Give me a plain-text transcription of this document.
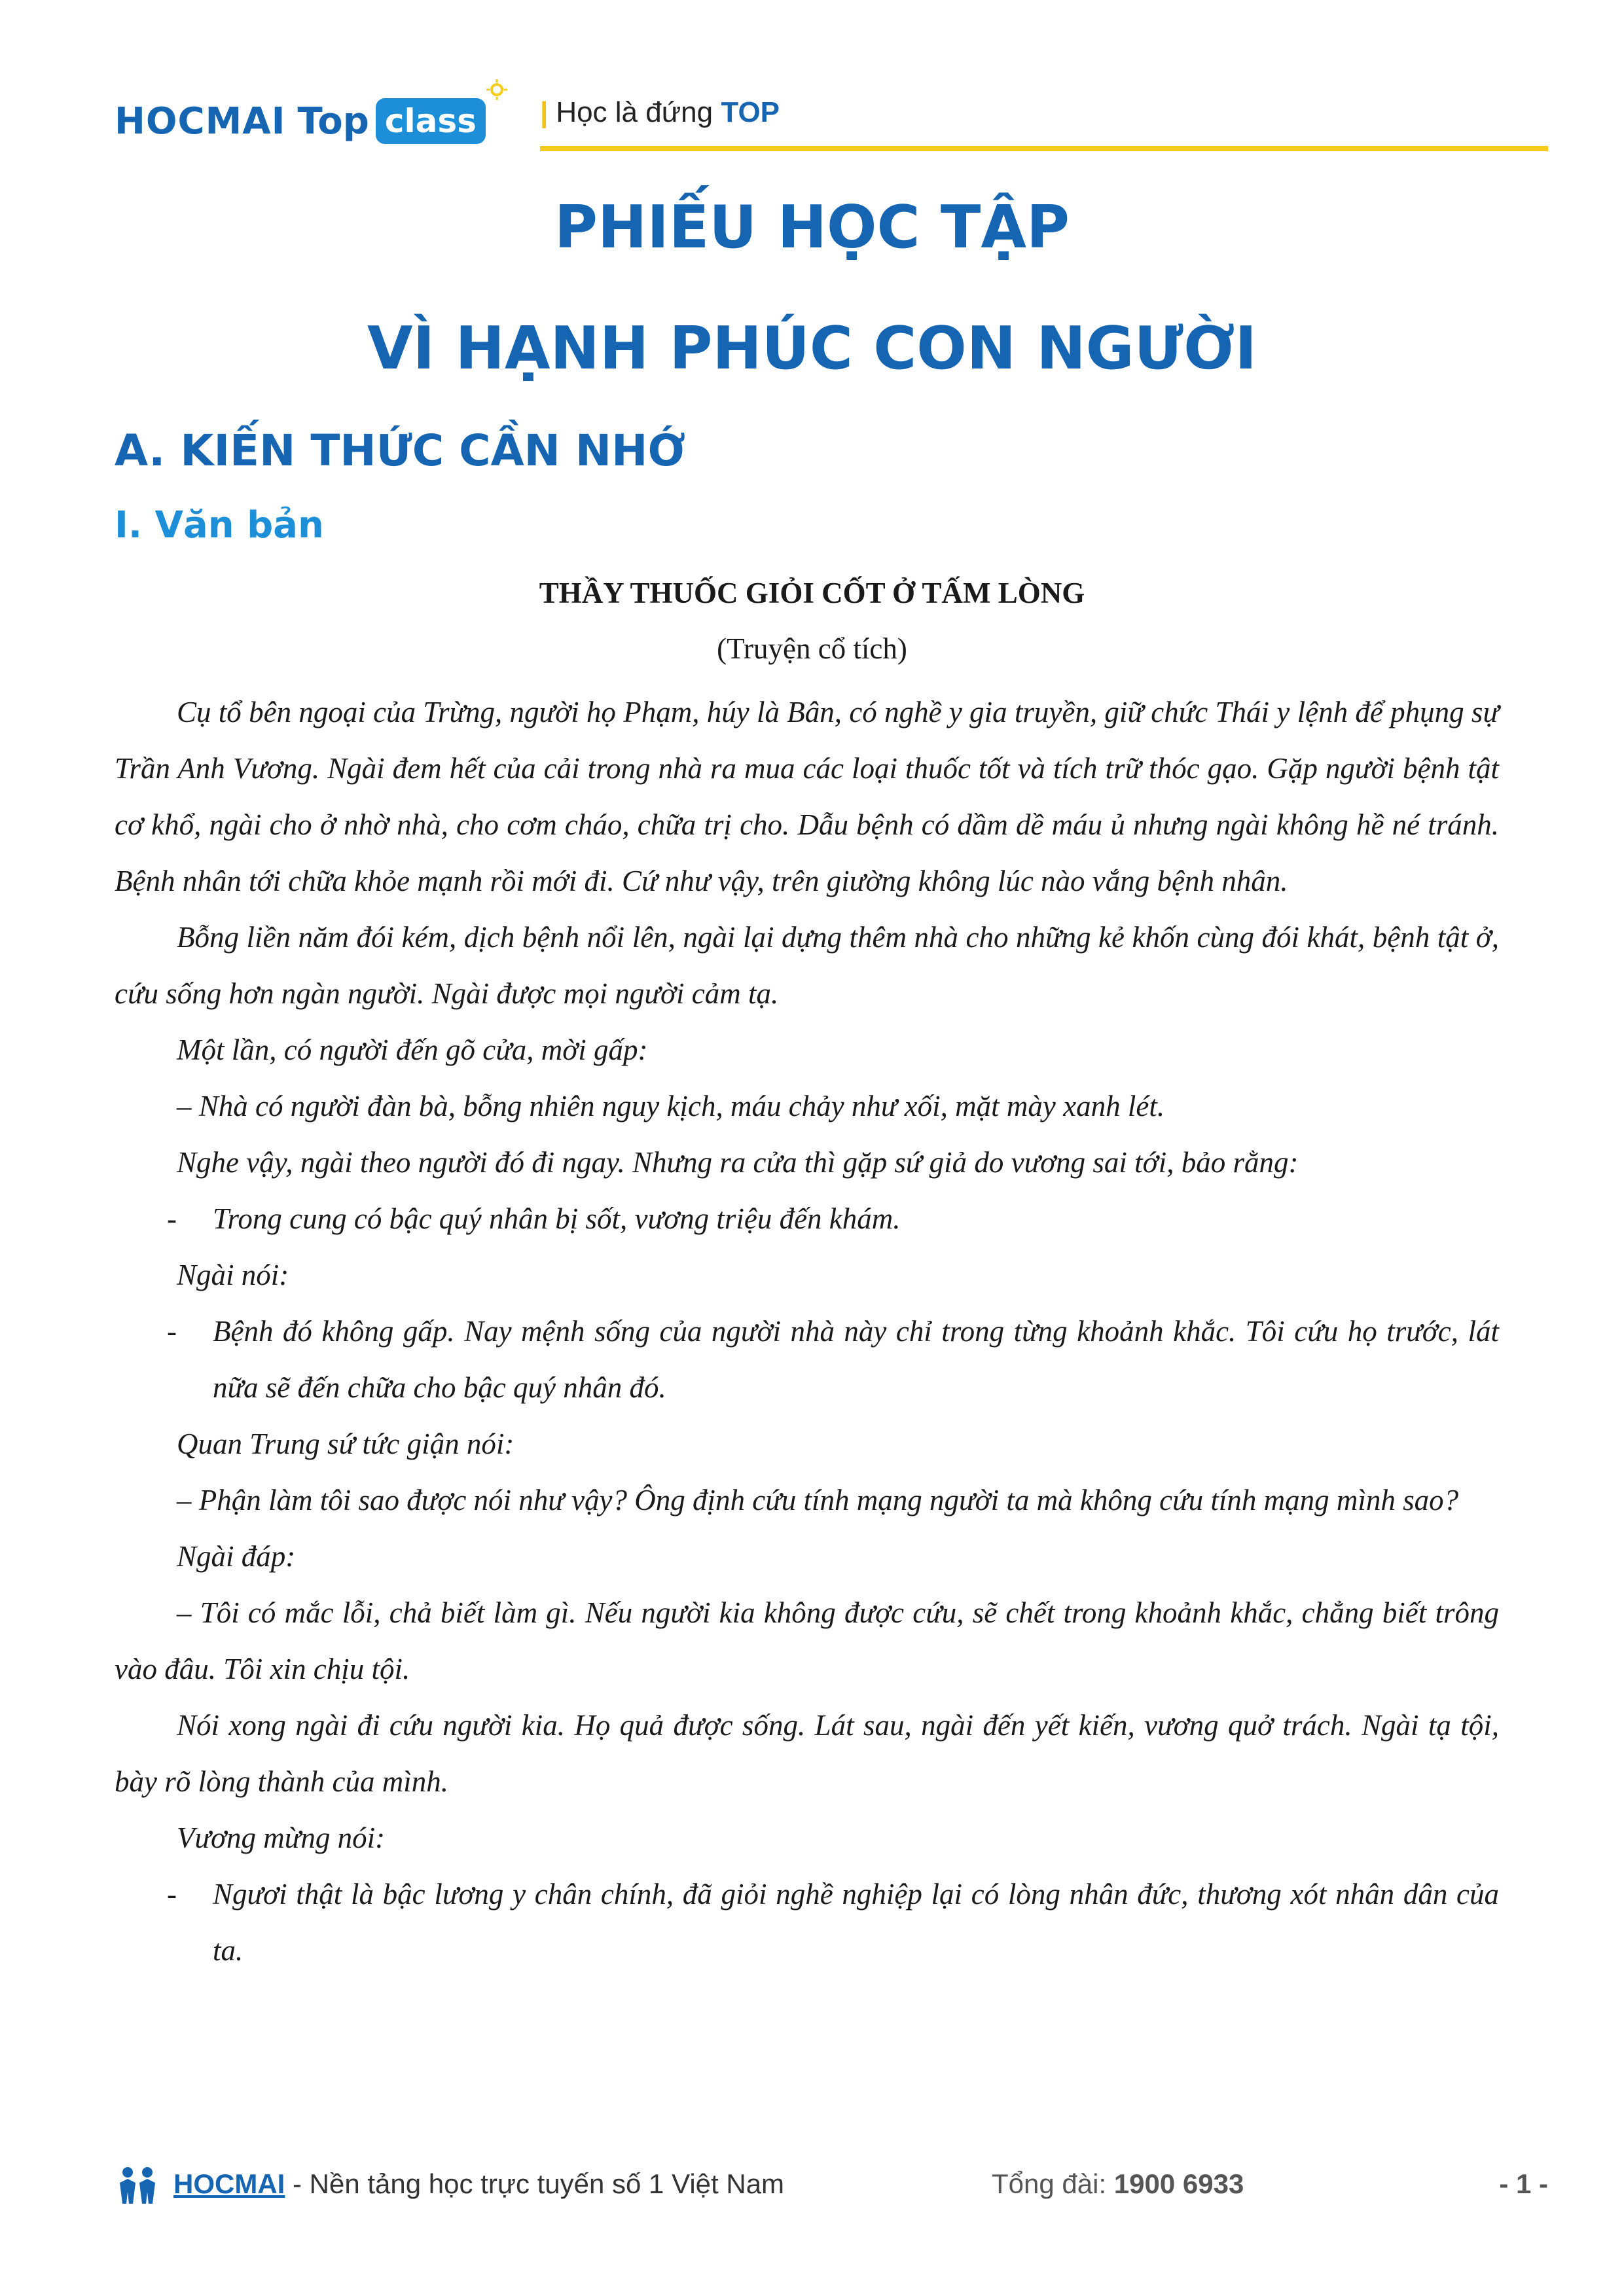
HOCMAI Top class	| Học là đứng TOP
PHIẾU HỌC TẬP
VÌ HẠNH PHÚC CON NGƯỜI
A. KIẾN THỨC CẦN NHỚ
I. Văn bản
THẦY THUỐC GIỎI CỐT Ở TẤM LÒNG
(Truyện cổ tích)

Cụ tổ bên ngoại của Trừng, người họ Phạm, húy là Bân, có nghề y gia truyền, giữ chức Thái y lệnh để phụng sự Trần Anh Vương. Ngài đem hết của cải trong nhà ra mua các loại thuốc tốt và tích trữ thóc gạo. Gặp người bệnh tật cơ khổ, ngài cho ở nhờ nhà, cho cơm cháo, chữa trị cho. Dẫu bệnh có dầm dề máu ủ nhưng ngài không hề né tránh. Bệnh nhân tới chữa khỏe mạnh rồi mới đi. Cứ như vậy, trên giường không lúc nào vắng bệnh nhân.

Bỗng liền năm đói kém, dịch bệnh nổi lên, ngài lại dựng thêm nhà cho những kẻ khốn cùng đói khát, bệnh tật ở, cứu sống hơn ngàn người. Ngài được mọi người cảm tạ.

Một lần, có người đến gõ cửa, mời gấp:

– Nhà có người đàn bà, bỗng nhiên nguy kịch, máu chảy như xối, mặt mày xanh lét.

Nghe vậy, ngài theo người đó đi ngay. Nhưng ra cửa thì gặp sứ giả do vương sai tới, bảo rằng:

- Trong cung có bậc quý nhân bị sốt, vương triệu đến khám.

Ngài nói:

- Bệnh đó không gấp. Nay mệnh sống của người nhà này chỉ trong từng khoảnh khắc. Tôi cứu họ trước, lát nữa sẽ đến chữa cho bậc quý nhân đó.

Quan Trung sứ tức giận nói:

– Phận làm tôi sao được nói như vậy? Ông định cứu tính mạng người ta mà không cứu tính mạng mình sao?

Ngài đáp:

– Tôi có mắc lỗi, chả biết làm gì. Nếu người kia không được cứu, sẽ chết trong khoảnh khắc, chẳng biết trông vào đâu. Tôi xin chịu tội.

Nói xong ngài đi cứu người kia. Họ quả được sống. Lát sau, ngài đến yết kiến, vương quở trách. Ngài tạ tội, bày rõ lòng thành của mình.

Vương mừng nói:

- Ngươi thật là bậc lương y chân chính, đã giỏi nghề nghiệp lại có lòng nhân đức, thương xót nhân dân của ta.

HOCMAI - Nền tảng học trực tuyến số 1 Việt Nam	Tổng đài: 1900 6933	- 1 -
